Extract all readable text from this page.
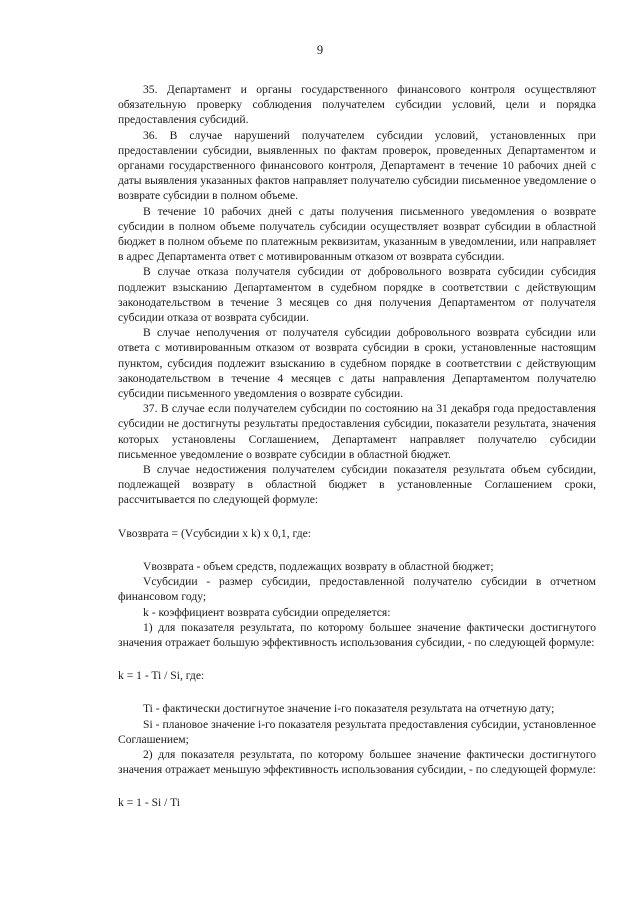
9

35. Департамент и органы государственного финансового контроля осуществляют обязательную проверку соблюдения получателем субсидии условий, цели и порядка предоставления субсидий.

36. В случае нарушений получателем субсидии условий, установленных при предоставлении субсидии, выявленных по фактам проверок, проведенных Департаментом и органами государственного финансового контроля, Департамент в течение 10 рабочих дней с даты выявления указанных фактов направляет получателю субсидии письменное уведомление о возврате субсидии в полном объеме.

В течение 10 рабочих дней с даты получения письменного уведомления о возврате субсидии в полном объеме получатель субсидии осуществляет возврат субсидии в областной бюджет в полном объеме по платежным реквизитам, указанным в уведомлении, или направляет в адрес Департамента ответ с мотивированным отказом от возврата субсидии.

В случае отказа получателя субсидии от добровольного возврата субсидии субсидия подлежит взысканию Департаментом в судебном порядке в соответствии с действующим законодательством в течение 3 месяцев со дня получения Департаментом от получателя субсидии отказа от возврата субсидии.

В случае неполучения от получателя субсидии добровольного возврата субсидии или ответа с мотивированным отказом от возврата субсидии в сроки, установленные настоящим пунктом, субсидия подлежит взысканию в судебном порядке в соответствии с действующим законодательством в течение 4 месяцев с даты направления Департаментом получателю субсидии письменного уведомления о возврате субсидии.

37. В случае если получателем субсидии по состоянию на 31 декабря года предоставления субсидии не достигнуты результаты предоставления субсидии, показатели результата, значения которых установлены Соглашением, Департамент направляет получателю субсидии письменное уведомление о возврате субсидии в областной бюджет.

В случае недостижения получателем субсидии показателя результата объем субсидии, подлежащей возврату в областной бюджет в установленные Соглашением сроки, рассчитывается по следующей формуле:

Vвозврата = (Vсубсидии x k) x 0,1, где:

Vвозврата - объем средств, подлежащих возврату в областной бюджет;

Vсубсидии - размер субсидии, предоставленной получателю субсидии в отчетном финансовом году;

k - коэффициент возврата субсидии определяется:

1) для показателя результата, по которому большее значение фактически достигнутого значения отражает большую эффективность использования субсидии, - по следующей формуле:

k = 1 - Ti / Si, где:

Ti - фактически достигнутое значение i-го показателя результата на отчетную дату;

Si - плановое значение i-го показателя результата предоставления субсидии, установленное Соглашением;

2) для показателя результата, по которому большее значение фактически достигнутого значения отражает меньшую эффективность использования субсидии, - по следующей формуле:

k = 1 - Si / Ti
